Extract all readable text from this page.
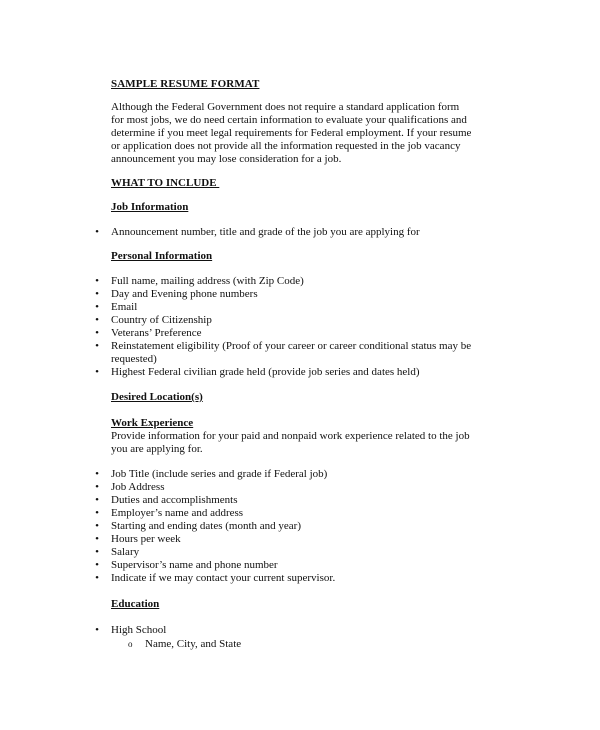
SAMPLE RESUME FORMAT

Although the Federal Government does not require a standard application form

for most jobs, we do need certain information to evaluate your qualifications and

determine if you meet legal requirements for Federal employment. If your resume

or application does not provide all the information requested in the job vacancy

announcement you may lose consideration for a job.

WHAT TO INCLUDE

Job Information

• Announcement number, title and grade of the job you are applying for

Personal Information

• Full name, mailing address (with Zip Code)
• Day and Evening phone numbers
• Email
• Country of Citizenship
• Veterans’ Preference
• Reinstatement eligibility (Proof of your career or career conditional status may be
requested)
• Highest Federal civilian grade held (provide job series and dates held)

Desired Location(s)

Work Experience

Provide information for your paid and nonpaid work experience related to the job

you are applying for.

• Job Title (include series and grade if Federal job)
• Job Address
• Duties and accomplishments
• Employer’s name and address
• Starting and ending dates (month and year)
• Hours per week
• Salary
• Supervisor’s name and phone number
• Indicate if we may contact your current supervisor.

Education

• High School
o Name, City, and State
